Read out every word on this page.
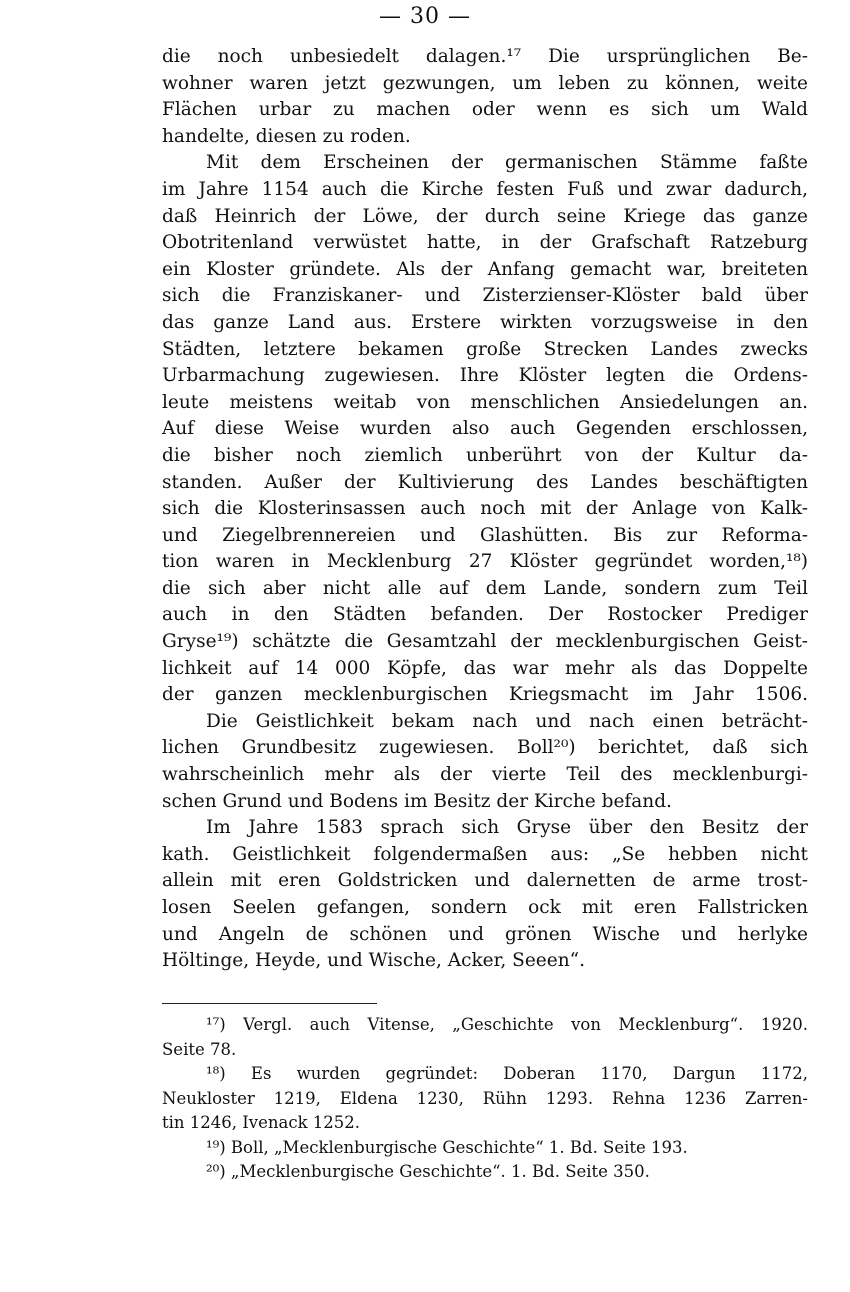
— 30 —
die noch unbesiedelt dalagen.¹⁷ Die ursprünglichen Be-
wohner waren jetzt gezwungen, um leben zu können, weite
Flächen urbar zu machen oder wenn es sich um Wald
handelte, diesen zu roden.
Mit dem Erscheinen der germanischen Stämme faßte
im Jahre 1154 auch die Kirche festen Fuß und zwar dadurch,
daß Heinrich der Löwe, der durch seine Kriege das ganze
Obotritenland verwüstet hatte, in der Grafschaft Ratzeburg
ein Kloster gründete. Als der Anfang gemacht war, breiteten
sich die Franziskaner- und Zisterzienser-Klöster bald über
das ganze Land aus. Erstere wirkten vorzugsweise in den
Städten, letztere bekamen große Strecken Landes zwecks
Urbarmachung zugewiesen. Ihre Klöster legten die Ordens-
leute meistens weitab von menschlichen Ansiedelungen an.
Auf diese Weise wurden also auch Gegenden erschlossen,
die bisher noch ziemlich unberührt von der Kultur da-
standen. Außer der Kultivierung des Landes beschäftigten
sich die Klosterinsassen auch noch mit der Anlage von Kalk-
und Ziegelbrennereien und Glashütten. Bis zur Reforma-
tion waren in Mecklenburg 27 Klöster gegründet worden,¹⁸)
die sich aber nicht alle auf dem Lande, sondern zum Teil
auch in den Städten befanden. Der Rostocker Prediger
Gryse¹⁹) schätzte die Gesamtzahl der mecklenburgischen Geist-
lichkeit auf 14 000 Köpfe, das war mehr als das Doppelte
der ganzen mecklenburgischen Kriegsmacht im Jahr 1506.
Die Geistlichkeit bekam nach und nach einen beträcht-
lichen Grundbesitz zugewiesen. Boll²⁰) berichtet, daß sich
wahrscheinlich mehr als der vierte Teil des mecklenburgi-
schen Grund und Bodens im Besitz der Kirche befand.
Im Jahre 1583 sprach sich Gryse über den Besitz der
kath. Geistlichkeit folgendermaßen aus: „Se hebben nicht
allein mit eren Goldstricken und dalernetten de arme trost-
losen Seelen gefangen, sondern ock mit eren Fallstricken
und Angeln de schönen und grönen Wische und herlyke
Höltinge, Heyde, und Wische, Acker, Seeen“.
¹⁷) Vergl. auch Vitense, „Geschichte von Mecklenburg“. 1920.
Seite 78.
¹⁸) Es wurden gegründet: Doberan 1170, Dargun 1172,
Neukloster 1219, Eldena 1230, Rühn 1293. Rehna 1236 Zarren-
tin 1246, Ivenack 1252.
¹⁹) Boll, „Mecklenburgische Geschichte“ 1. Bd. Seite 193.
²⁰) „Mecklenburgische Geschichte“. 1. Bd. Seite 350.
